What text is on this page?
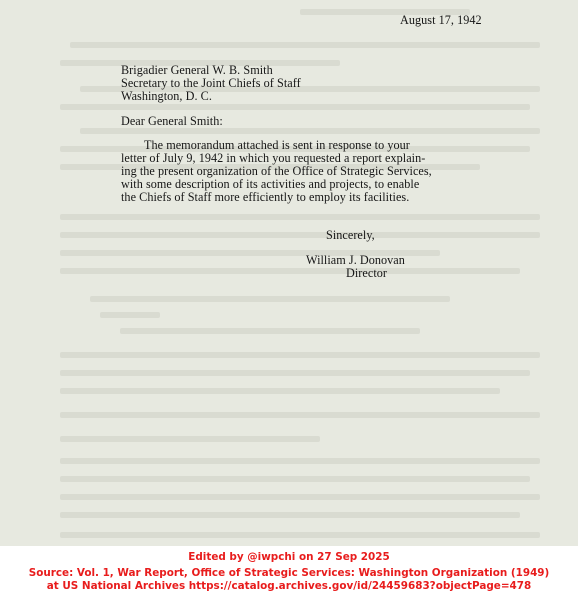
August 17, 1942
Brigadier General W. B. Smith
Secretary to the Joint Chiefs of Staff
Washington, D. C.
Dear General Smith:
The memorandum attached is sent in response to your
letter of July 9, 1942 in which you requested a report explain-
ing the present organization of the Office of Strategic Services,
with some description of its activities and projects, to enable
the Chiefs of Staff more efficiently to employ its facilities.
Sincerely,
William J. Donovan
Director
Edited by @iwpchi on 27 Sep 2025
Source: Vol. 1, War Report, Office of Strategic Services: Washington Organization (1949)
at US National Archives https://catalog.archives.gov/id/24459683?objectPage=478
